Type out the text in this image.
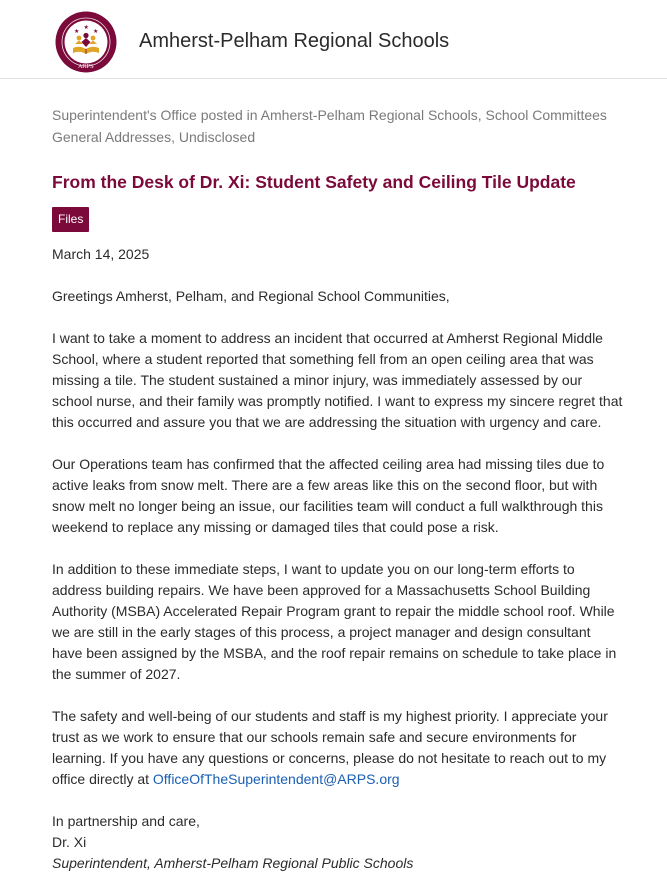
★
★
★
ARPS
Amherst-Pelham Regional Schools
Superintendent's Office posted in Amherst-Pelham Regional Schools, School Committees
General Addresses, Undisclosed
From the Desk of Dr. Xi: Student Safety and Ceiling Tile Update
Files

March 14, 2025

Greetings Amherst, Pelham, and Regional School Communities,

I want to take a moment to address an incident that occurred at Amherst Regional Middle
School, where a student reported that something fell from an open ceiling area that was
missing a tile. The student sustained a minor injury, was immediately assessed by our
school nurse, and their family was promptly notified. I want to express my sincere regret that
this occurred and assure you that we are addressing the situation with urgency and care.

Our Operations team has confirmed that the affected ceiling area had missing tiles due to
active leaks from snow melt. There are a few areas like this on the second floor, but with
snow melt no longer being an issue, our facilities team will conduct a full walkthrough this
weekend to replace any missing or damaged tiles that could pose a risk.

In addition to these immediate steps, I want to update you on our long-term efforts to
address building repairs. We have been approved for a Massachusetts School Building
Authority (MSBA) Accelerated Repair Program grant to repair the middle school roof. While
we are still in the early stages of this process, a project manager and design consultant
have been assigned by the MSBA, and the roof repair remains on schedule to take place in
the summer of 2027.

The safety and well-being of our students and staff is my highest priority. I appreciate your
trust as we work to ensure that our schools remain safe and secure environments for
learning. If you have any questions or concerns, please do not hesitate to reach out to my
office directly at OfficeOfTheSuperintendent@ARPS.org

In partnership and care,
Dr. Xi
Superintendent, Amherst-Pelham Regional Public Schools
